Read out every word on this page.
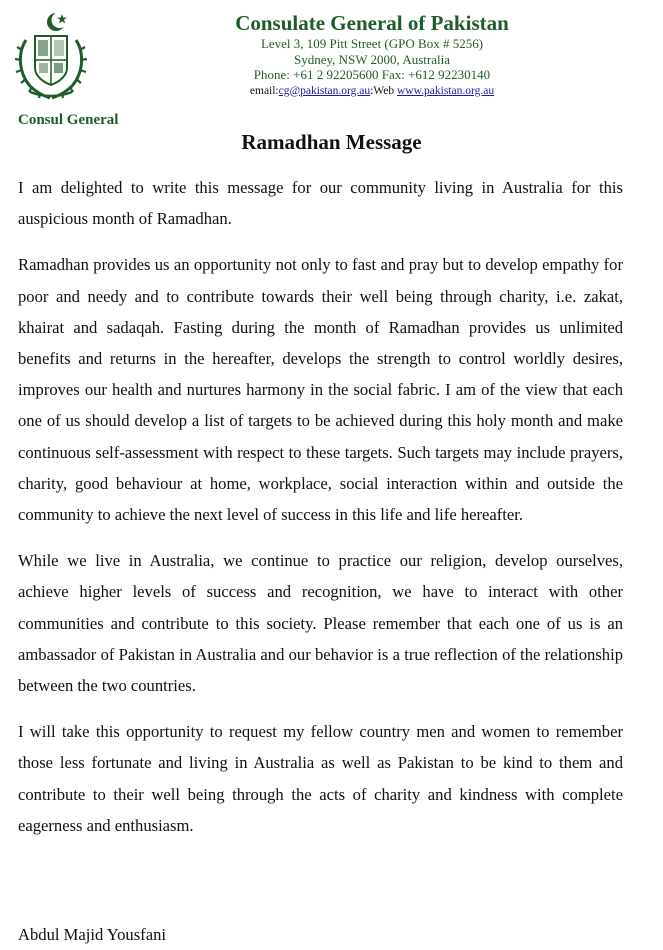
Consul General
Consulate General of Pakistan
Level 3, 109 Pitt Street (GPO Box # 5256)
Sydney, NSW 2000, Australia
Phone: +61 2 92205600 Fax: +612 92230140
email:cg@pakistan.org.au:Web www.pakistan.org.au
Ramadhan Message

I am delighted to write this message for our community living in Australia for this auspicious month of Ramadhan.

Ramadhan provides us an opportunity not only to fast and pray but to develop empathy for poor and needy and to contribute towards their well being through charity, i.e. zakat, khairat and sadaqah. Fasting during the month of Ramadhan provides us unlimited benefits and returns in the hereafter, develops the strength to control worldly desires, improves our health and nurtures harmony in the social fabric. I am of the view that each one of us should develop a list of targets to be achieved during this holy month and make continuous self-assessment with respect to these targets. Such targets may include prayers, charity, good behaviour at home, workplace, social interaction within and outside the community to achieve the next level of success in this life and life hereafter.

While we live in Australia, we continue to practice our religion, develop ourselves, achieve higher levels of success and recognition, we have to interact with other communities and contribute to this society. Please remember that each one of us is an ambassador of Pakistan in Australia and our behavior is a true reflection of the relationship between the two countries.

I will take this opportunity to request my fellow country men and women to remember those less fortunate and living in Australia as well as Pakistan to be kind to them and contribute to their well being through the acts of charity and kindness with complete eagerness and enthusiasm.

Abdul Majid Yousfani
